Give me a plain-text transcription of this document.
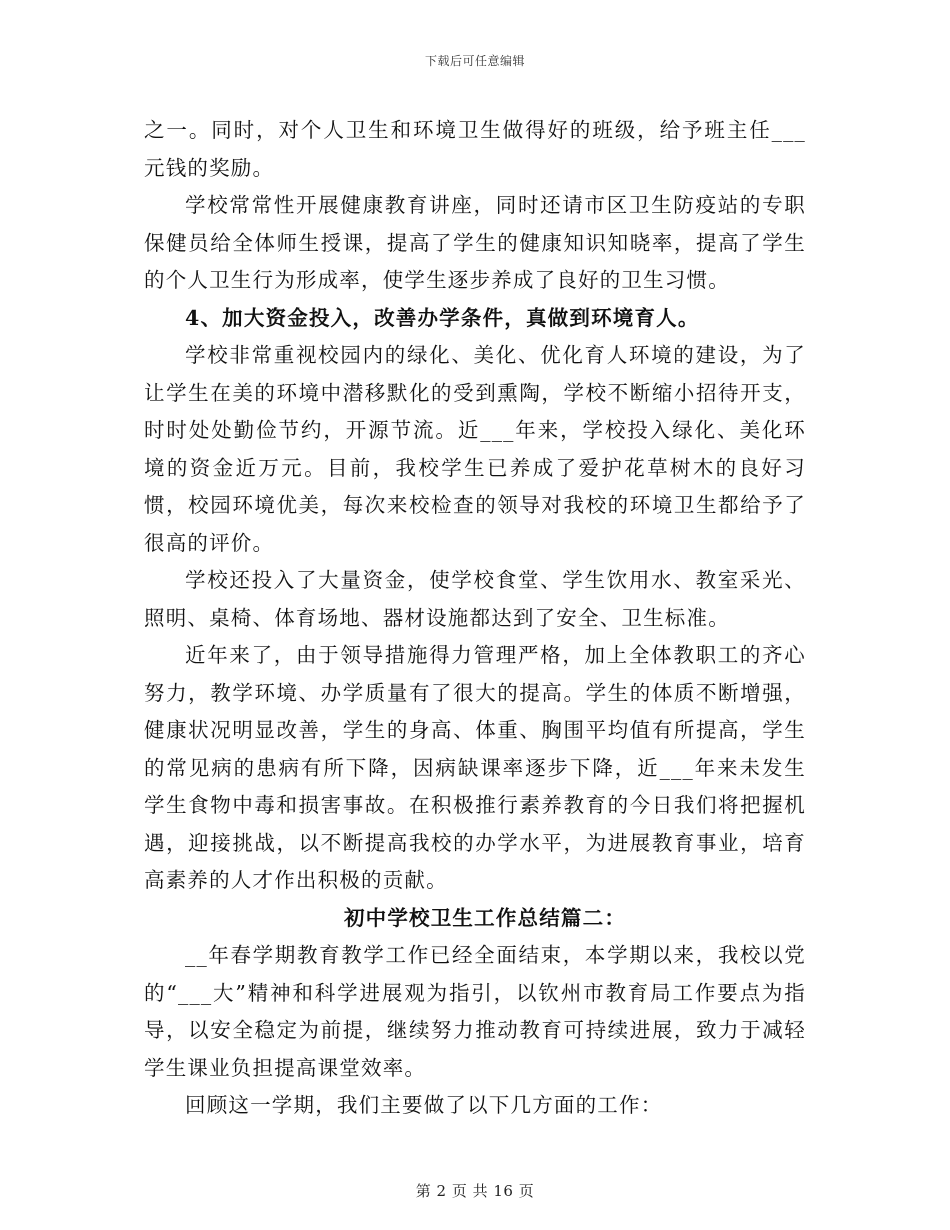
下载后可任意编辑

之一。同时，对个人卫生和环境卫生做得好的班级，给予班主任___元钱的奖励。

学校常常性开展健康教育讲座，同时还请市区卫生防疫站的专职保健员给全体师生授课，提高了学生的健康知识知晓率，提高了学生的个人卫生行为形成率，使学生逐步养成了良好的卫生习惯。

4、加大资金投入，改善办学条件，真做到环境育人。

学校非常重视校园内的绿化、美化、优化育人环境的建设，为了让学生在美的环境中潜移默化的受到熏陶，学校不断缩小招待开支，时时处处勤俭节约，开源节流。近___年来，学校投入绿化、美化环境的资金近万元。目前，我校学生已养成了爱护花草树木的良好习惯，校园环境优美，每次来校检查的领导对我校的环境卫生都给予了很高的评价。

学校还投入了大量资金，使学校食堂、学生饮用水、教室采光、照明、桌椅、体育场地、器材设施都达到了安全、卫生标准。

近年来了，由于领导措施得力管理严格，加上全体教职工的齐心努力，教学环境、办学质量有了很大的提高。学生的体质不断增强，健康状况明显改善，学生的身高、体重、胸围平均值有所提高，学生的常见病的患病有所下降，因病缺课率逐步下降，近___年来未发生学生食物中毒和损害事故。在积极推行素养教育的今日我们将把握机遇，迎接挑战，以不断提高我校的办学水平，为进展教育事业，培育高素养的人才作出积极的贡献。

初中学校卫生工作总结篇二：

__年春学期教育教学工作已经全面结束，本学期以来，我校以党的“___大”精神和科学进展观为指引，以钦州市教育局工作要点为指导，以安全稳定为前提，继续努力推动教育可持续进展，致力于减轻学生课业负担提高课堂效率。

回顾这一学期，我们主要做了以下几方面的工作：

第 2 页 共 16 页
